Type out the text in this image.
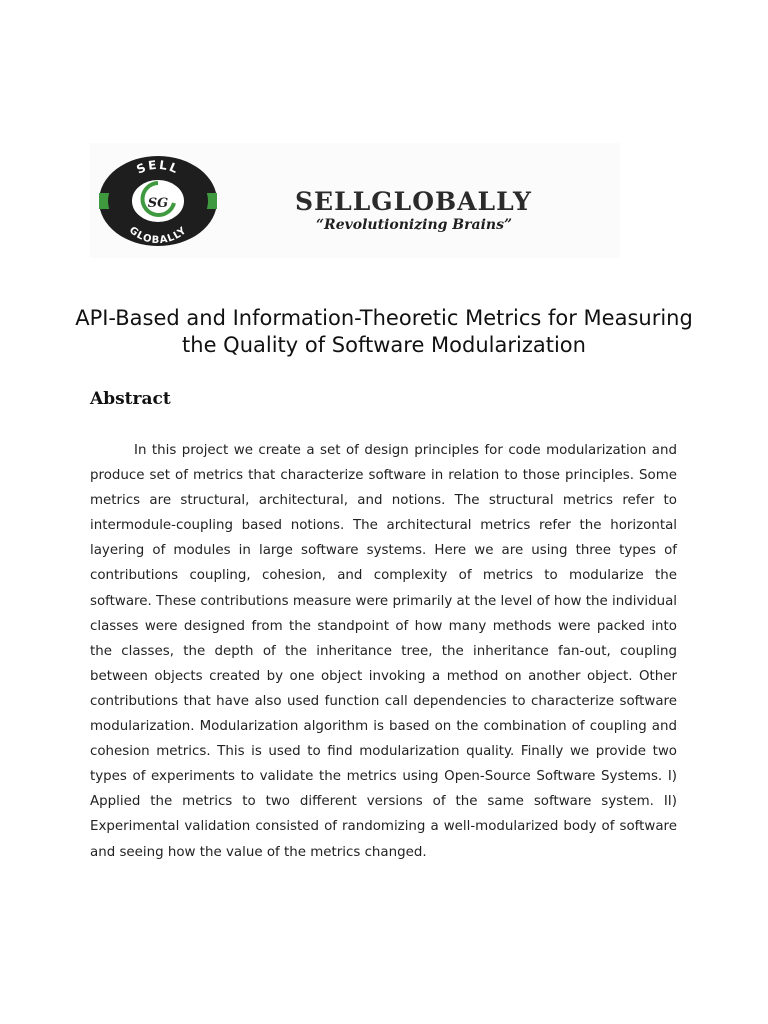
SELL
GLOBALLY
SG	SELLGLOBALLY
“Revolutionizing Brains”
API-Based and Information-Theoretic Metrics for Measuring the Quality of Software Modularization
Abstract

In this project we create a set of design principles for code modularization and produce set of metrics that characterize software in relation to those principles. Some metrics are structural, architectural, and notions. The structural metrics refer to intermodule-coupling based notions. The architectural metrics refer the horizontal layering of modules in large software systems. Here we are using three types of contributions coupling, cohesion, and complexity of metrics to modularize the software. These contributions measure were primarily at the level of how the individual classes were designed from the standpoint of how many methods were packed into the classes, the depth of the inheritance tree, the inheritance fan-out, coupling between objects created by one object invoking a method on another object. Other contributions that have also used function call dependencies to characterize software modularization. Modularization algorithm is based on the combination of coupling and cohesion metrics. This is used to find modularization quality. Finally we provide two types of experiments to validate the metrics using Open-Source Software Systems. I) Applied the metrics to two different versions of the same software system. II) Experimental validation consisted of randomizing a well-modularized body of software and seeing how the value of the metrics changed.
